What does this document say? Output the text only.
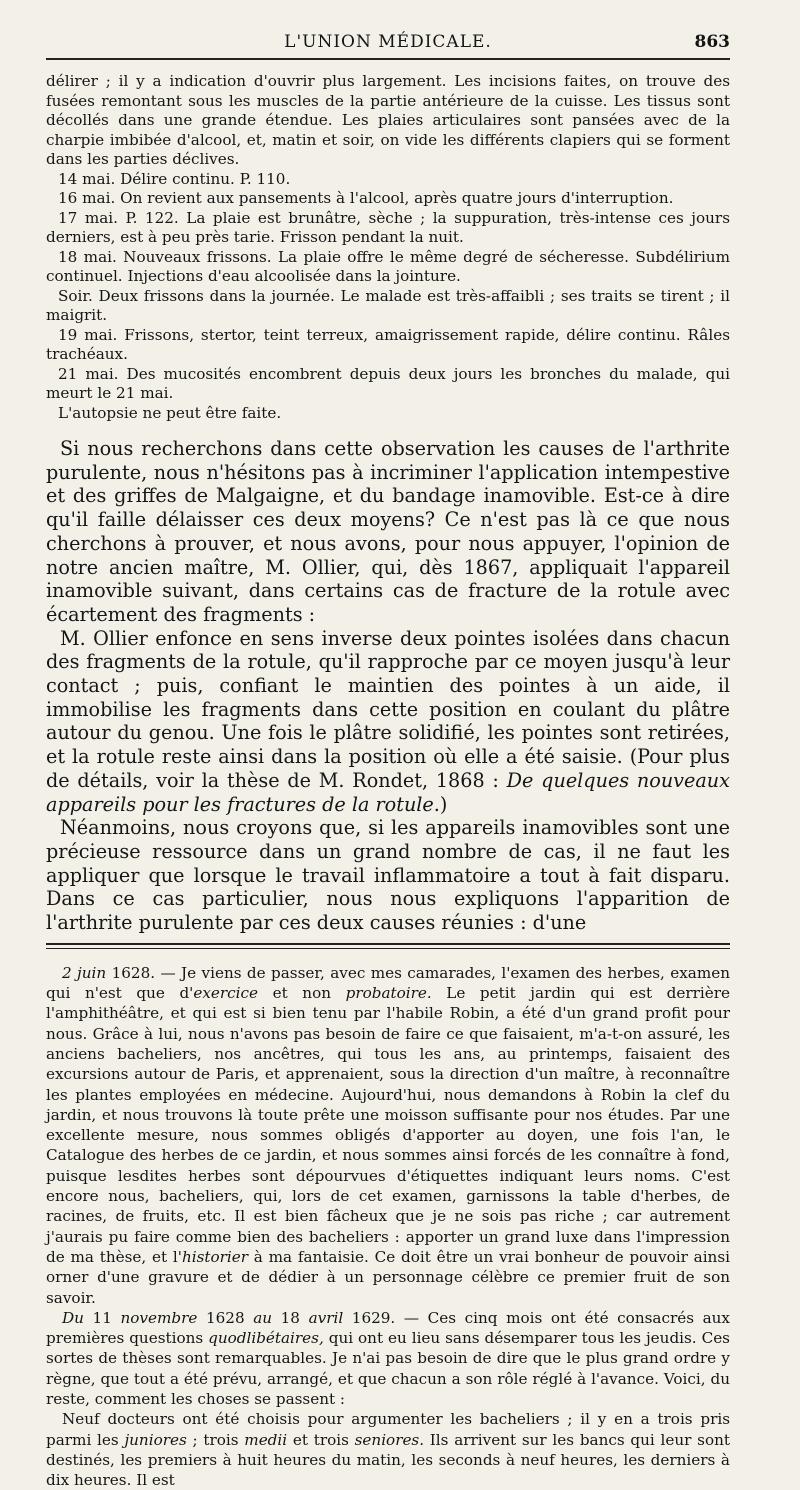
L'UNION MÉDICALE.	863

délirer ; il y a indication d'ouvrir plus largement. Les incisions faites, on trouve des fusées remontant sous les muscles de la partie antérieure de la cuisse. Les tissus sont décollés dans une grande étendue. Les plaies articulaires sont pansées avec de la charpie imbibée d'alcool, et, matin et soir, on vide les différents clapiers qui se forment dans les parties déclives.

14 mai. Délire continu. P. 110.

16 mai. On revient aux pansements à l'alcool, après quatre jours d'interruption.

17 mai. P. 122. La plaie est brunâtre, sèche ; la suppuration, très-intense ces jours derniers, est à peu près tarie. Frisson pendant la nuit.

18 mai. Nouveaux frissons. La plaie offre le même degré de sécheresse. Subdélirium continuel. Injections d'eau alcoolisée dans la jointure.

Soir. Deux frissons dans la journée. Le malade est très-affaibli ; ses traits se tirent ; il maigrit.

19 mai. Frissons, stertor, teint terreux, amaigrissement rapide, délire continu. Râles trachéaux.

21 mai. Des mucosités encombrent depuis deux jours les bronches du malade, qui meurt le 21 mai.

L'autopsie ne peut être faite.

Si nous recherchons dans cette observation les causes de l'arthrite purulente, nous n'hésitons pas à incriminer l'application intempestive et des griffes de Malgaigne, et du bandage inamovible. Est-ce à dire qu'il faille délaisser ces deux moyens? Ce n'est pas là ce que nous cherchons à prouver, et nous avons, pour nous appuyer, l'opinion de notre ancien maître, M. Ollier, qui, dès 1867, appliquait l'appareil inamovible suivant, dans certains cas de fracture de la rotule avec écartement des fragments :

M. Ollier enfonce en sens inverse deux pointes isolées dans chacun des fragments de la rotule, qu'il rapproche par ce moyen jusqu'à leur contact ; puis, confiant le maintien des pointes à un aide, il immobilise les fragments dans cette position en coulant du plâtre autour du genou. Une fois le plâtre solidifié, les pointes sont retirées, et la rotule reste ainsi dans la position où elle a été saisie. (Pour plus de détails, voir la thèse de M. Rondet, 1868 : De quelques nouveaux appareils pour les fractures de la rotule.)

Néanmoins, nous croyons que, si les appareils inamovibles sont une précieuse ressource dans un grand nombre de cas, il ne faut les appliquer que lorsque le travail inflammatoire a tout à fait disparu. Dans ce cas particulier, nous nous expliquons l'apparition de l'arthrite purulente par ces deux causes réunies : d'une

2 juin 1628. — Je viens de passer, avec mes camarades, l'examen des herbes, examen qui n'est que d'exercice et non probatoire. Le petit jardin qui est derrière l'amphithéâtre, et qui est si bien tenu par l'habile Robin, a été d'un grand profit pour nous. Grâce à lui, nous n'avons pas besoin de faire ce que faisaient, m'a-t-on assuré, les anciens bacheliers, nos ancêtres, qui tous les ans, au printemps, faisaient des excursions autour de Paris, et apprenaient, sous la direction d'un maître, à reconnaître les plantes employées en médecine. Aujourd'hui, nous demandons à Robin la clef du jardin, et nous trouvons là toute prête une moisson suffisante pour nos études. Par une excellente mesure, nous sommes obligés d'apporter au doyen, une fois l'an, le Catalogue des herbes de ce jardin, et nous sommes ainsi forcés de les connaître à fond, puisque lesdites herbes sont dépourvues d'étiquettes indiquant leurs noms. C'est encore nous, bacheliers, qui, lors de cet examen, garnissons la table d'herbes, de racines, de fruits, etc. Il est bien fâcheux que je ne sois pas riche ; car autrement j'aurais pu faire comme bien des bacheliers : apporter un grand luxe dans l'impression de ma thèse, et l'historier à ma fantaisie. Ce doit être un vrai bonheur de pouvoir ainsi orner d'une gravure et de dédier à un personnage célèbre ce premier fruit de son savoir.

Du 11 novembre 1628 au 18 avril 1629. — Ces cinq mois ont été consacrés aux premières questions quodlibétaires, qui ont eu lieu sans désemparer tous les jeudis. Ces sortes de thèses sont remarquables. Je n'ai pas besoin de dire que le plus grand ordre y règne, que tout a été prévu, arrangé, et que chacun a son rôle réglé à l'avance. Voici, du reste, comment les choses se passent :

Neuf docteurs ont été choisis pour argumenter les bacheliers ; il y en a trois pris parmi les juniores ; trois medii et trois seniores. Ils arrivent sur les bancs qui leur sont destinés, les premiers à huit heures du matin, les seconds à neuf heures, les derniers à dix heures. Il est
